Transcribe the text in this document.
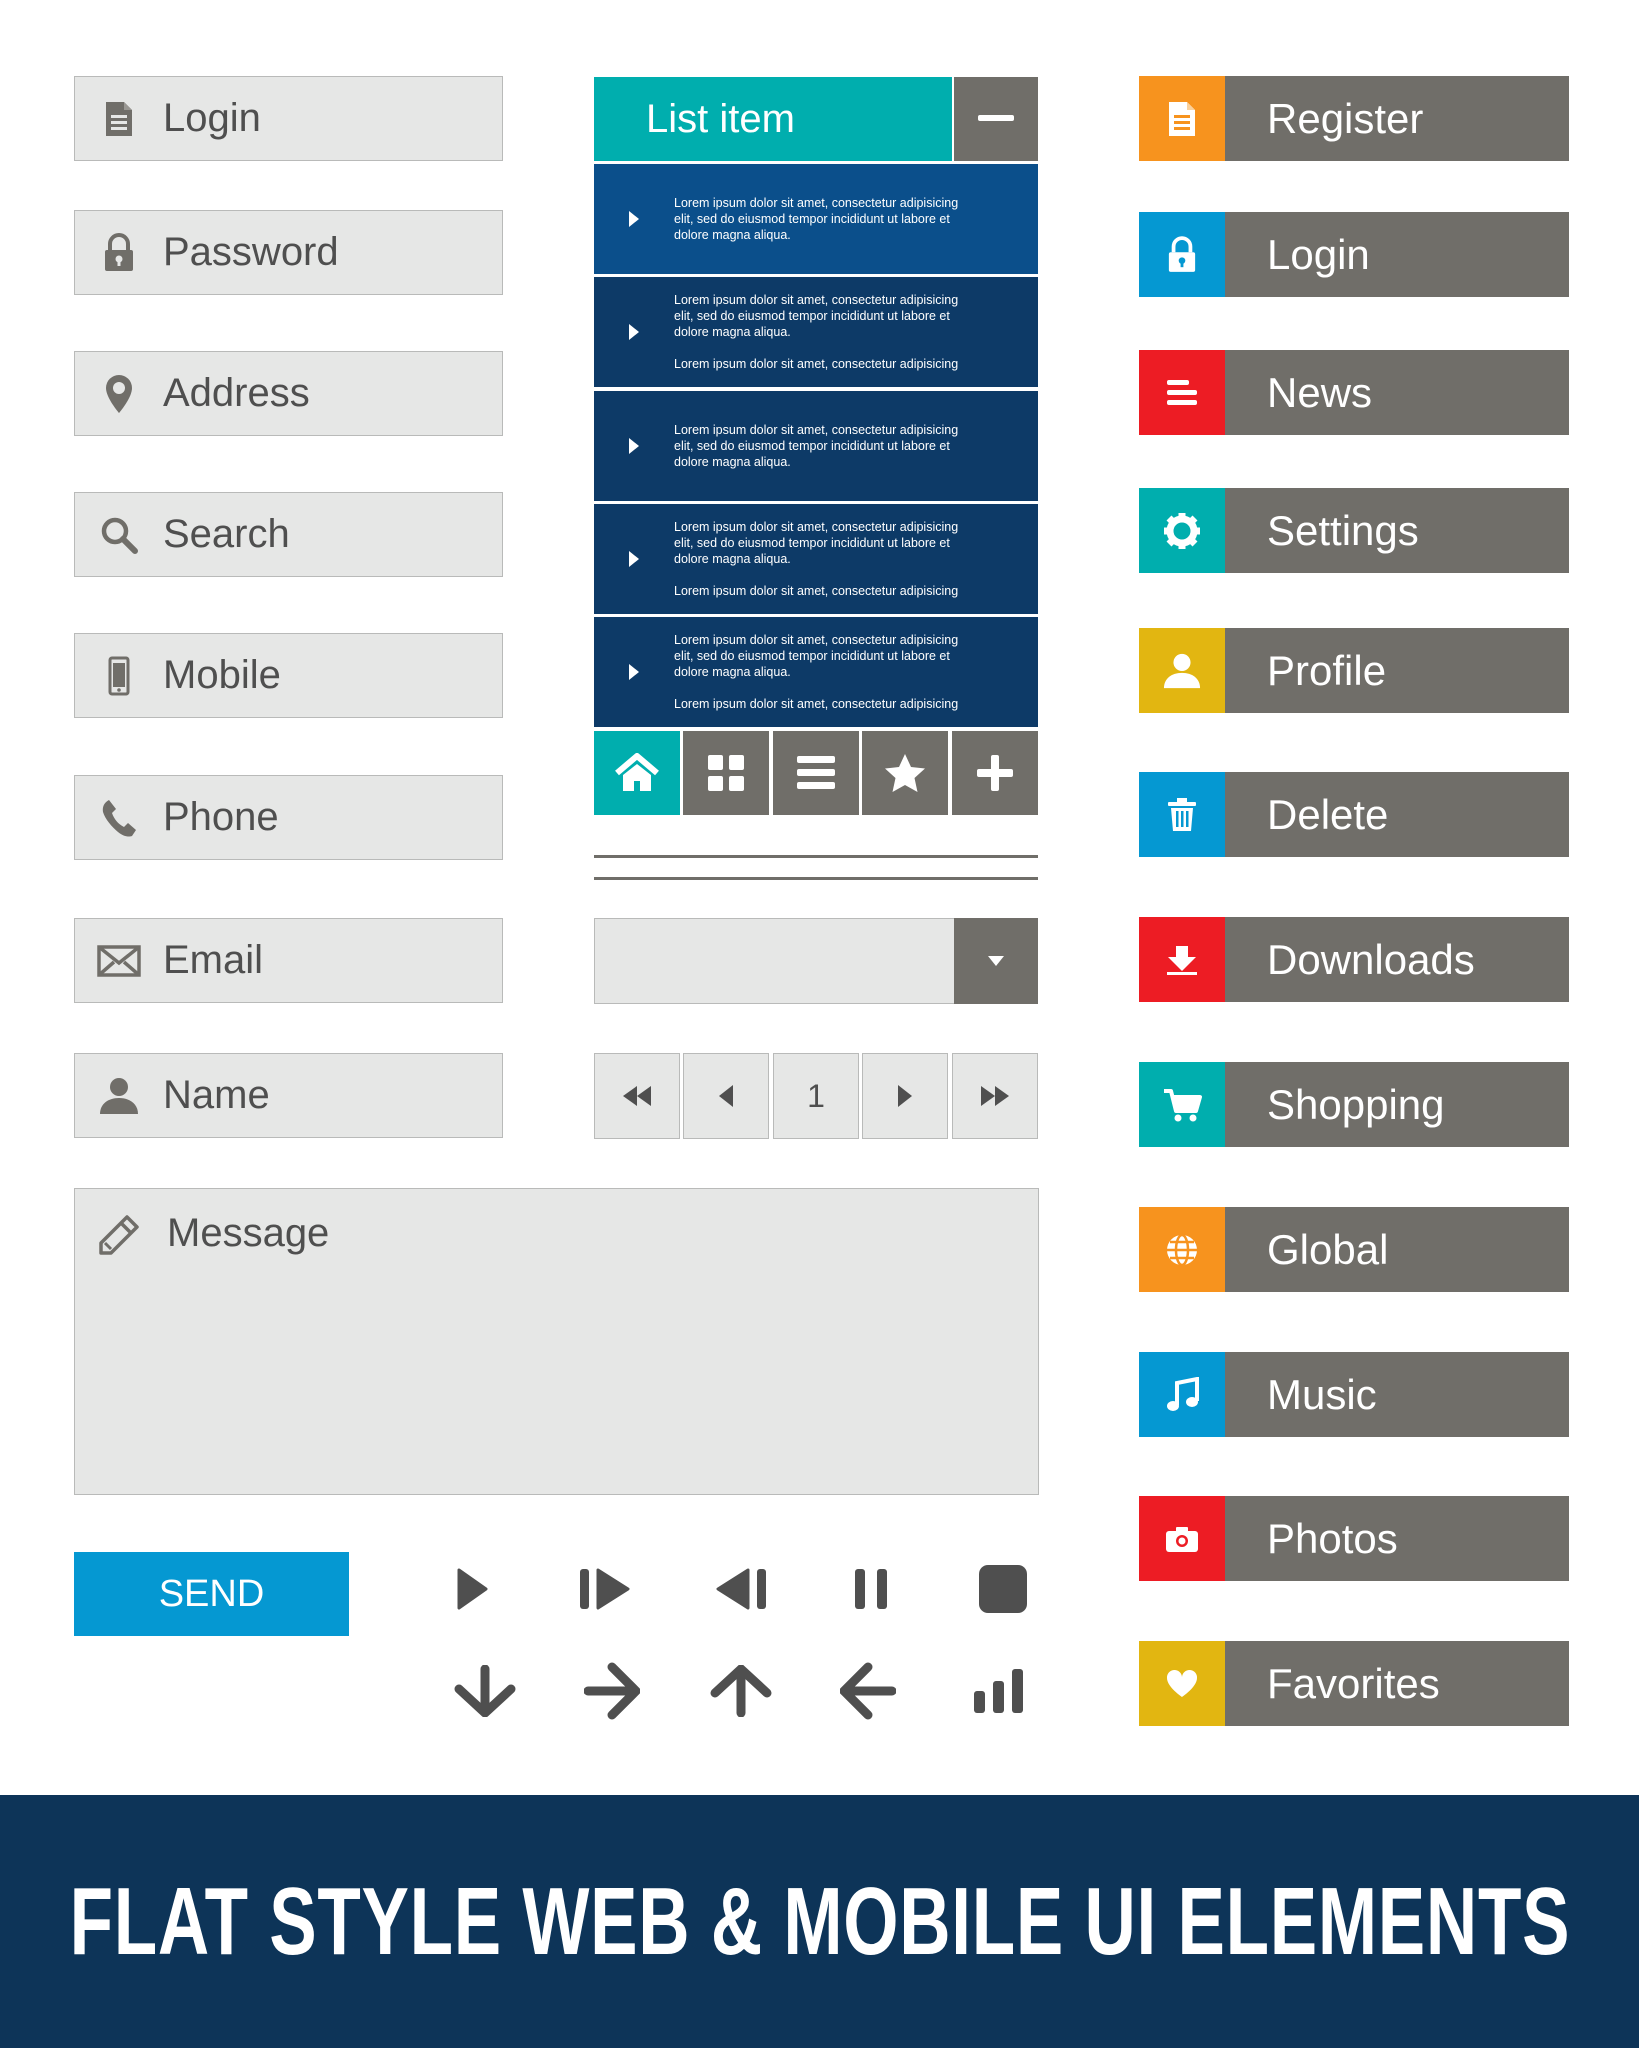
Login
Password
Address
Search
Mobile
Phone
Email
Name
Message
SEND
List item

Lorem ipsum dolor sit amet, consectetur adipisicing elit, sed do eiusmod tempor incididunt ut labore et dolore magna aliqua.

Lorem ipsum dolor sit amet, consectetur adipisicing elit, sed do eiusmod tempor incididunt ut labore et dolore magna aliqua.

Lorem ipsum dolor sit amet, consectetur adipisicing

Lorem ipsum dolor sit amet, consectetur adipisicing elit, sed do eiusmod tempor incididunt ut labore et dolore magna aliqua.

Lorem ipsum dolor sit amet, consectetur adipisicing elit, sed do eiusmod tempor incididunt ut labore et dolore magna aliqua.

Lorem ipsum dolor sit amet, consectetur adipisicing

Lorem ipsum dolor sit amet, consectetur adipisicing elit, sed do eiusmod tempor incididunt ut labore et dolore magna aliqua.

Lorem ipsum dolor sit amet, consectetur adipisicing

1
Register
Login
News
Settings
Profile
Delete
Downloads
Shopping
Global
Music
Photos
Favorites
FLAT STYLE WEB & MOBILE UI ELEMENTS
